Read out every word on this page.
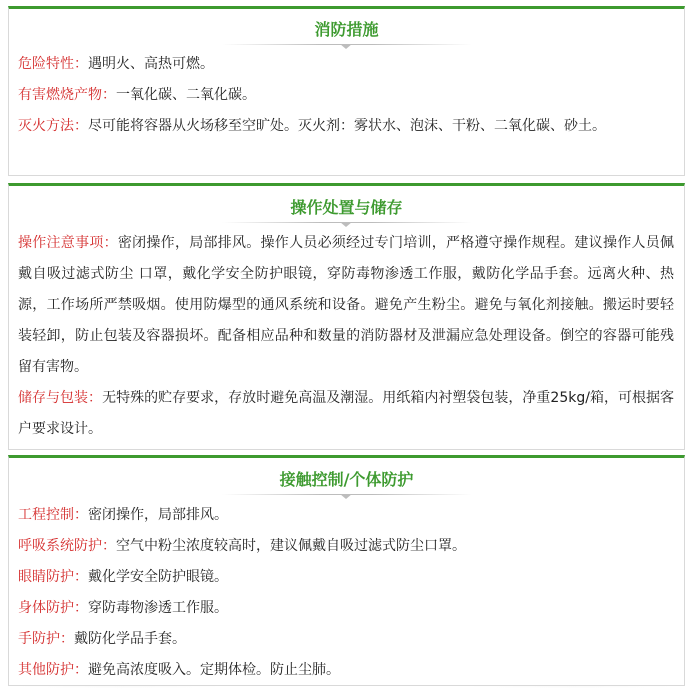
消防措施

危险特性：遇明火、高热可燃。

有害燃烧产物：一氧化碳、二氧化碳。

灭火方法：尽可能将容器从火场移至空旷处。灭火剂：雾状水、泡沫、干粉、二氧化碳、砂土。

操作处置与储存

操作注意事项：密闭操作，局部排风。操作人员必须经过专门培训，严格遵守操作规程。建议操作人员佩戴自吸过滤式防尘 口罩，戴化学安全防护眼镜，穿防毒物渗透工作服，戴防化学品手套。远离火种、热源，工作场所严禁吸烟。使用防爆型的通风系统和设备。避免产生粉尘。避免与氧化剂接触。搬运时要轻装轻卸，防止包装及容器损坏。配备相应品种和数量的消防器材及泄漏应急处理设备。倒空的容器可能残留有害物。

储存与包装：无特殊的贮存要求，存放时避免高温及潮湿。用纸箱内衬塑袋包装，净重25kg/箱，可根据客户要求设计。

接触控制/个体防护

工程控制：密闭操作，局部排风。

呼吸系统防护：空气中粉尘浓度较高时，建议佩戴自吸过滤式防尘口罩。

眼睛防护：戴化学安全防护眼镜。

身体防护：穿防毒物渗透工作服。

手防护：戴防化学品手套。

其他防护：避免高浓度吸入。定期体检。防止尘肺。
